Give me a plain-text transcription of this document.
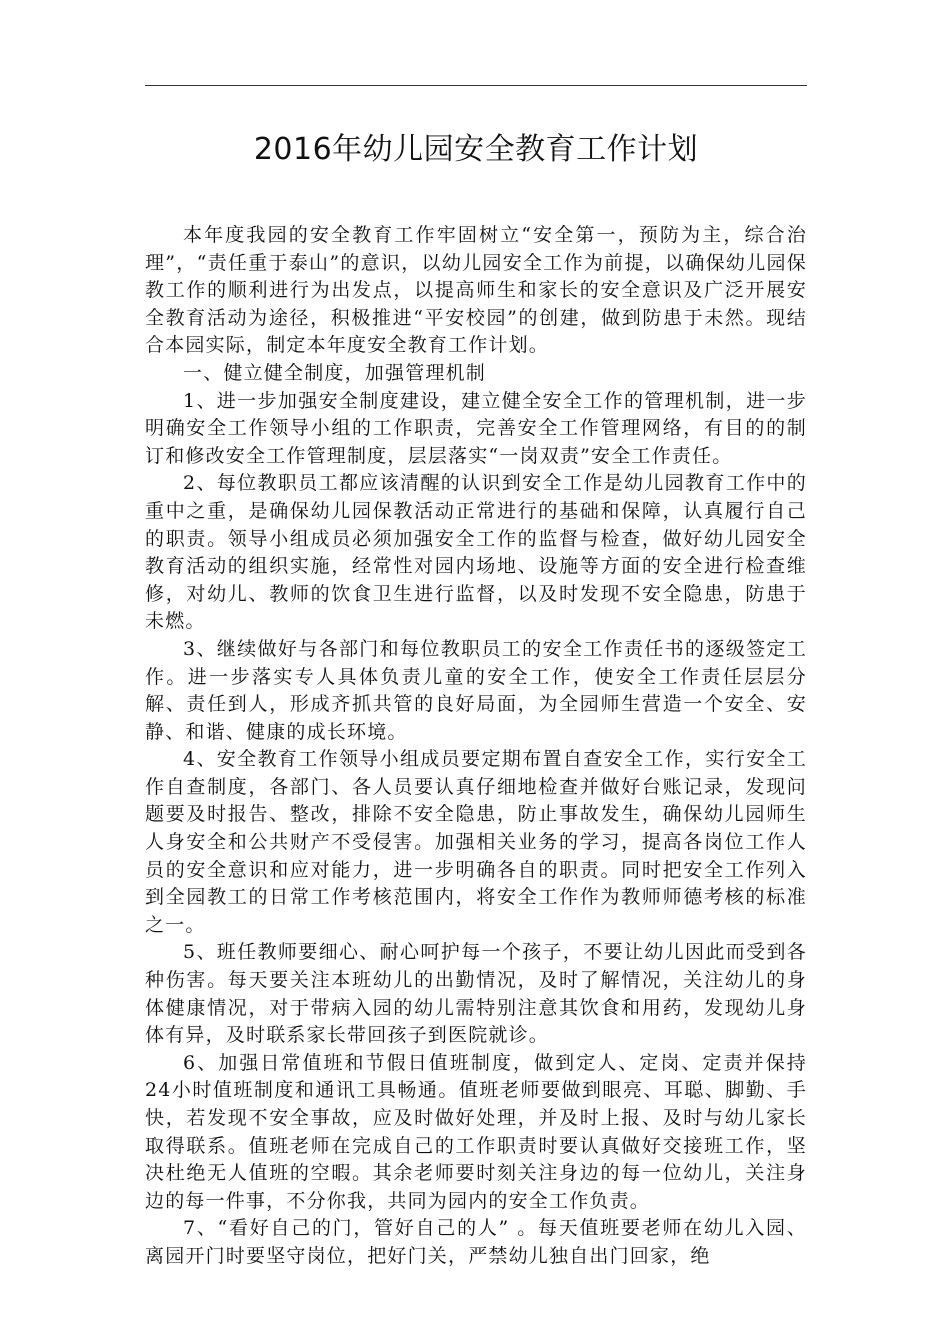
2016年幼儿园安全教育工作计划

本年度我园的安全教育工作牢固树立“安全第一，预防为主，综合治理”，“责任重于泰山”的意识，以幼儿园安全工作为前提，以确保幼儿园保教工作的顺利进行为出发点，以提高师生和家长的安全意识及广泛开展安全教育活动为途径，积极推进“平安校园”的创建，做到防患于未然。现结合本园实际，制定本年度安全教育工作计划。

一、健立健全制度，加强管理机制

1、进一步加强安全制度建设，建立健全安全工作的管理机制，进一步明确安全工作领导小组的工作职责，完善安全工作管理网络，有目的的制订和修改安全工作管理制度，层层落实“一岗双责”安全工作责任。

2、每位教职员工都应该清醒的认识到安全工作是幼儿园教育工作中的重中之重，是确保幼儿园保教活动正常进行的基础和保障，认真履行自己的职责。领导小组成员必须加强安全工作的监督与检查，做好幼儿园安全教育活动的组织实施，经常性对园内场地、设施等方面的安全进行检查维修，对幼儿、教师的饮食卫生进行监督，以及时发现不安全隐患，防患于未燃。

3、继续做好与各部门和每位教职员工的安全工作责任书的逐级签定工作。进一步落实专人具体负责儿童的安全工作，使安全工作责任层层分解、责任到人，形成齐抓共管的良好局面，为全园师生营造一个安全、安静、和谐、健康的成长环境。

4、安全教育工作领导小组成员要定期布置自查安全工作，实行安全工作自查制度，各部门、各人员要认真仔细地检查并做好台账记录，发现问题要及时报告、整改，排除不安全隐患，防止事故发生，确保幼儿园师生人身安全和公共财产不受侵害。加强相关业务的学习，提高各岗位工作人员的安全意识和应对能力，进一步明确各自的职责。同时把安全工作列入到全园教工的日常工作考核范围内，将安全工作作为教师师德考核的标准之一。

5、班任教师要细心、耐心呵护每一个孩子，不要让幼儿因此而受到各种伤害。每天要关注本班幼儿的出勤情况，及时了解情况，关注幼儿的身体健康情况，对于带病入园的幼儿需特别注意其饮食和用药，发现幼儿身体有异，及时联系家长带回孩子到医院就诊。

6、加强日常值班和节假日值班制度，做到定人、定岗、定责并保持24小时值班制度和通讯工具畅通。值班老师要做到眼亮、耳聪、脚勤、手快，若发现不安全事故，应及时做好处理，并及时上报、及时与幼儿家长取得联系。值班老师在完成自己的工作职责时要认真做好交接班工作，坚决杜绝无人值班的空暇。其余老师要时刻关注身边的每一位幼儿，关注身边的每一件事，不分你我，共同为园内的安全工作负责。

7、“看好自己的门，管好自己的人” 。每天值班要老师在幼儿入园、离园开门时要坚守岗位，把好门关，严禁幼儿独自出门回家，绝
